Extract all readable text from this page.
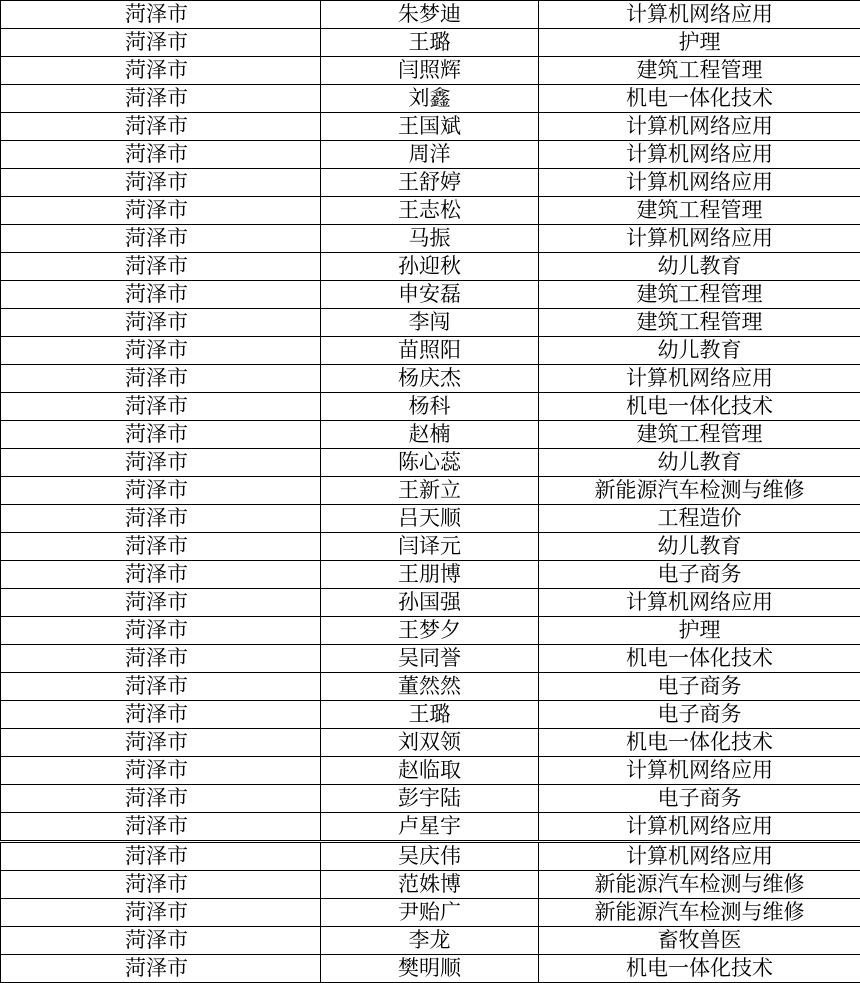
菏泽市	朱梦迪	计算机网络应用
菏泽市	王璐	护理
菏泽市	闫照辉	建筑工程管理
菏泽市	刘鑫	机电一体化技术
菏泽市	王国斌	计算机网络应用
菏泽市	周洋	计算机网络应用
菏泽市	王舒婷	计算机网络应用
菏泽市	王志松	建筑工程管理
菏泽市	马振	计算机网络应用
菏泽市	孙迎秋	幼儿教育
菏泽市	申安磊	建筑工程管理
菏泽市	李闯	建筑工程管理
菏泽市	苗照阳	幼儿教育
菏泽市	杨庆杰	计算机网络应用
菏泽市	杨科	机电一体化技术
菏泽市	赵楠	建筑工程管理
菏泽市	陈心蕊	幼儿教育
菏泽市	王新立	新能源汽车检测与维修
菏泽市	吕天顺	工程造价
菏泽市	闫译元	幼儿教育
菏泽市	王朋博	电子商务
菏泽市	孙国强	计算机网络应用
菏泽市	王梦夕	护理
菏泽市	吴同誉	机电一体化技术
菏泽市	董然然	电子商务
菏泽市	王璐	电子商务
菏泽市	刘双领	机电一体化技术
菏泽市	赵临取	计算机网络应用
菏泽市	彭宇陆	电子商务
菏泽市	卢星宇	计算机网络应用
菏泽市	吴庆伟	计算机网络应用
菏泽市	范姝博	新能源汽车检测与维修
菏泽市	尹贻广	新能源汽车检测与维修
菏泽市	李龙	畜牧兽医
菏泽市	樊明顺	机电一体化技术
